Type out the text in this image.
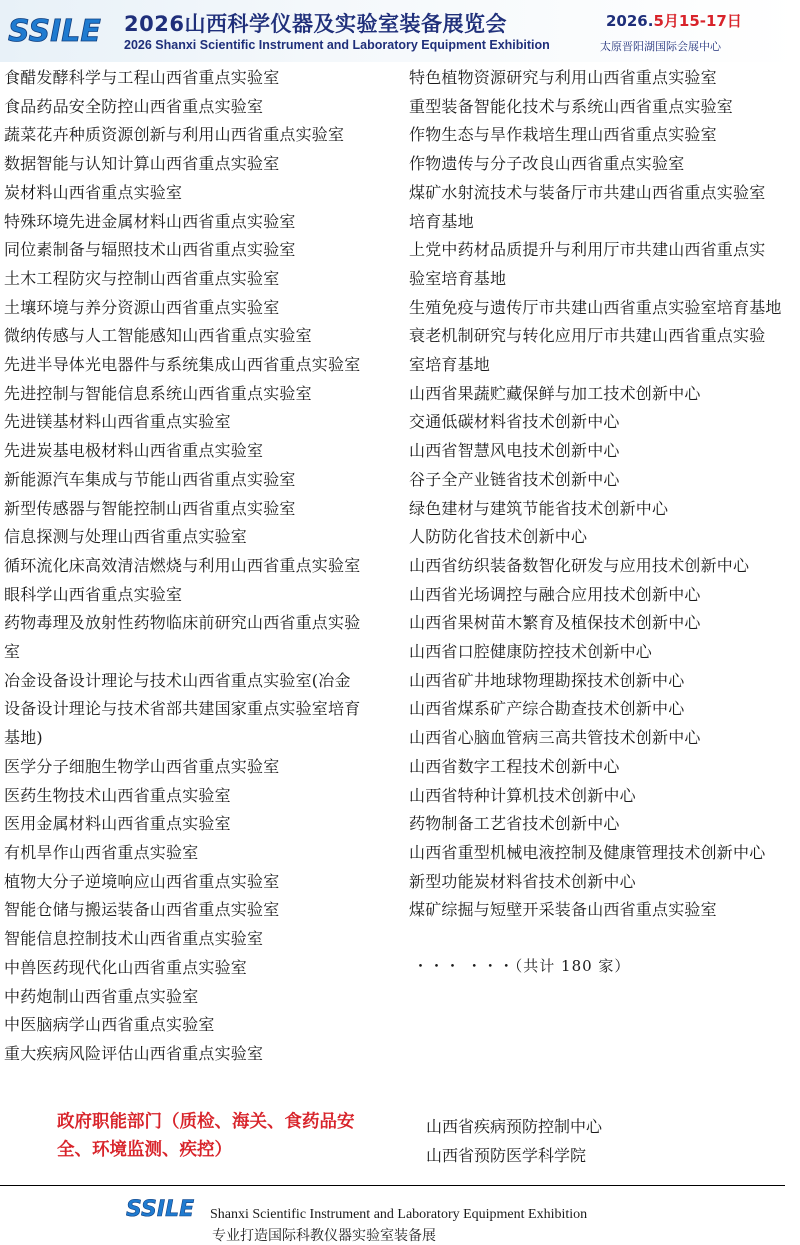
SSILE 2026山西科学仪器及实验室装备展览会
2026 Shanxi Scientific Instrument and Laboratory Equipment Exhibition
2026.5月15-17日
太原晋阳湖国际会展中心
食醋发酵科学与工程山西省重点实验室
食品药品安全防控山西省重点实验室
蔬菜花卉种质资源创新与利用山西省重点实验室
数据智能与认知计算山西省重点实验室
炭材料山西省重点实验室
特殊环境先进金属材料山西省重点实验室
同位素制备与辐照技术山西省重点实验室
土木工程防灾与控制山西省重点实验室
土壤环境与养分资源山西省重点实验室
微纳传感与人工智能感知山西省重点实验室
先进半导体光电器件与系统集成山西省重点实验室
先进控制与智能信息系统山西省重点实验室
先进镁基材料山西省重点实验室
先进炭基电极材料山西省重点实验室
新能源汽车集成与节能山西省重点实验室
新型传感器与智能控制山西省重点实验室
信息探测与处理山西省重点实验室
循环流化床高效清洁燃烧与利用山西省重点实验室
眼科学山西省重点实验室
药物毒理及放射性药物临床前研究山西省重点实验
室
冶金设备设计理论与技术山西省重点实验室(冶金
设备设计理论与技术省部共建国家重点实验室培育
基地)
医学分子细胞生物学山西省重点实验室
医药生物技术山西省重点实验室
医用金属材料山西省重点实验室
有机旱作山西省重点实验室
植物大分子逆境响应山西省重点实验室
智能仓储与搬运装备山西省重点实验室
智能信息控制技术山西省重点实验室
中兽医药现代化山西省重点实验室
中药炮制山西省重点实验室
中医脑病学山西省重点实验室
重大疾病风险评估山西省重点实验室
特色植物资源研究与利用山西省重点实验室
重型装备智能化技术与系统山西省重点实验室
作物生态与旱作栽培生理山西省重点实验室
作物遗传与分子改良山西省重点实验室
煤矿水射流技术与装备厅市共建山西省重点实验室
培育基地
上党中药材品质提升与利用厅市共建山西省重点实
验室培育基地
生殖免疫与遗传厅市共建山西省重点实验室培育基地
衰老机制研究与转化应用厅市共建山西省重点实验
室培育基地
山西省果蔬贮藏保鲜与加工技术创新中心
交通低碳材料省技术创新中心
山西省智慧风电技术创新中心
谷子全产业链省技术创新中心
绿色建材与建筑节能省技术创新中心
人防防化省技术创新中心
山西省纺织装备数智化研发与应用技术创新中心
山西省光场调控与融合应用技术创新中心
山西省果树苗木繁育及植保技术创新中心
山西省口腔健康防控技术创新中心
山西省矿井地球物理勘探技术创新中心
山西省煤系矿产综合勘查技术创新中心
山西省心脑血管病三高共管技术创新中心
山西省数字工程技术创新中心
山西省特种计算机技术创新中心
药物制备工艺省技术创新中心
山西省重型机械电液控制及健康管理技术创新中心
新型功能炭材料省技术创新中心
煤矿综掘与短壁开采装备山西省重点实验室
・・・ ・・・（共计 180 家）
政府职能部门（质检、海关、食药品安全、环境监测、疾控）
山西省疾病预防控制中心
山西省预防医学科学院
SSILE Shanxi Scientific Instrument and Laboratory Equipment Exhibition
专业打造国际科教仪器实验室装备展
